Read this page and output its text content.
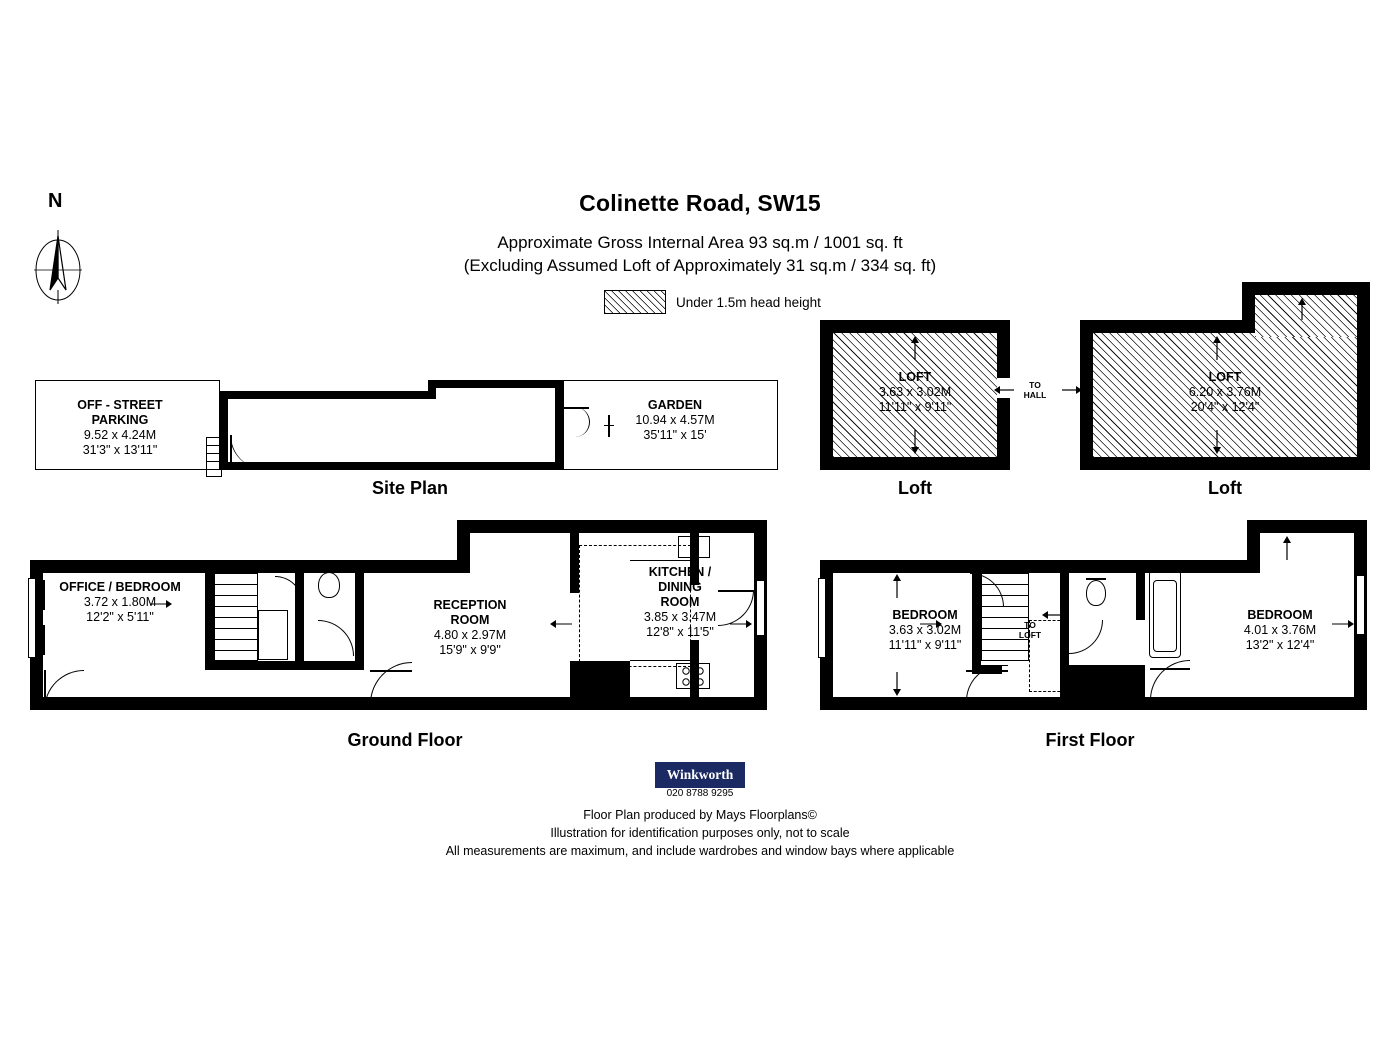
Colinette Road, SW15
Approximate Gross Internal Area 93 sq.m / 1001 sq. ft
(Excluding Assumed Loft of Approximately 31 sq.m / 334 sq. ft)
Under 1.5m head height
N
OFF - STREET
PARKING
9.52 x 4.24M
31'3" x 13'11"
GARDEN
10.94 x 4.57M
35'11" x 15'
Site Plan
LOFT
3.63 x 3.02M
11'11" x 9'11"
TO
HALL
Loft
LOFT
6.20 x 3.76M
20'4" x 12'4"
Loft
OFFICE / BEDROOM
3.72 x 1.80M
12'2" x 5'11"
RECEPTION
ROOM
4.80 x 2.97M
15'9" x 9'9"
KITCHEN /
DINING
ROOM
3.85 x 3.47M
12'8" x 11'5"
Ground Floor
BEDROOM
3.63 x 3.02M
11'11" x 9'11"
TO
LOFT
BEDROOM
4.01 x 3.76M
13'2" x 12'4"
First Floor
Winkworth
020 8788 9295
Floor Plan produced by Mays Floorplans©
Illustration for identification purposes only, not to scale
All measurements are maximum, and include wardrobes and window bays where applicable
